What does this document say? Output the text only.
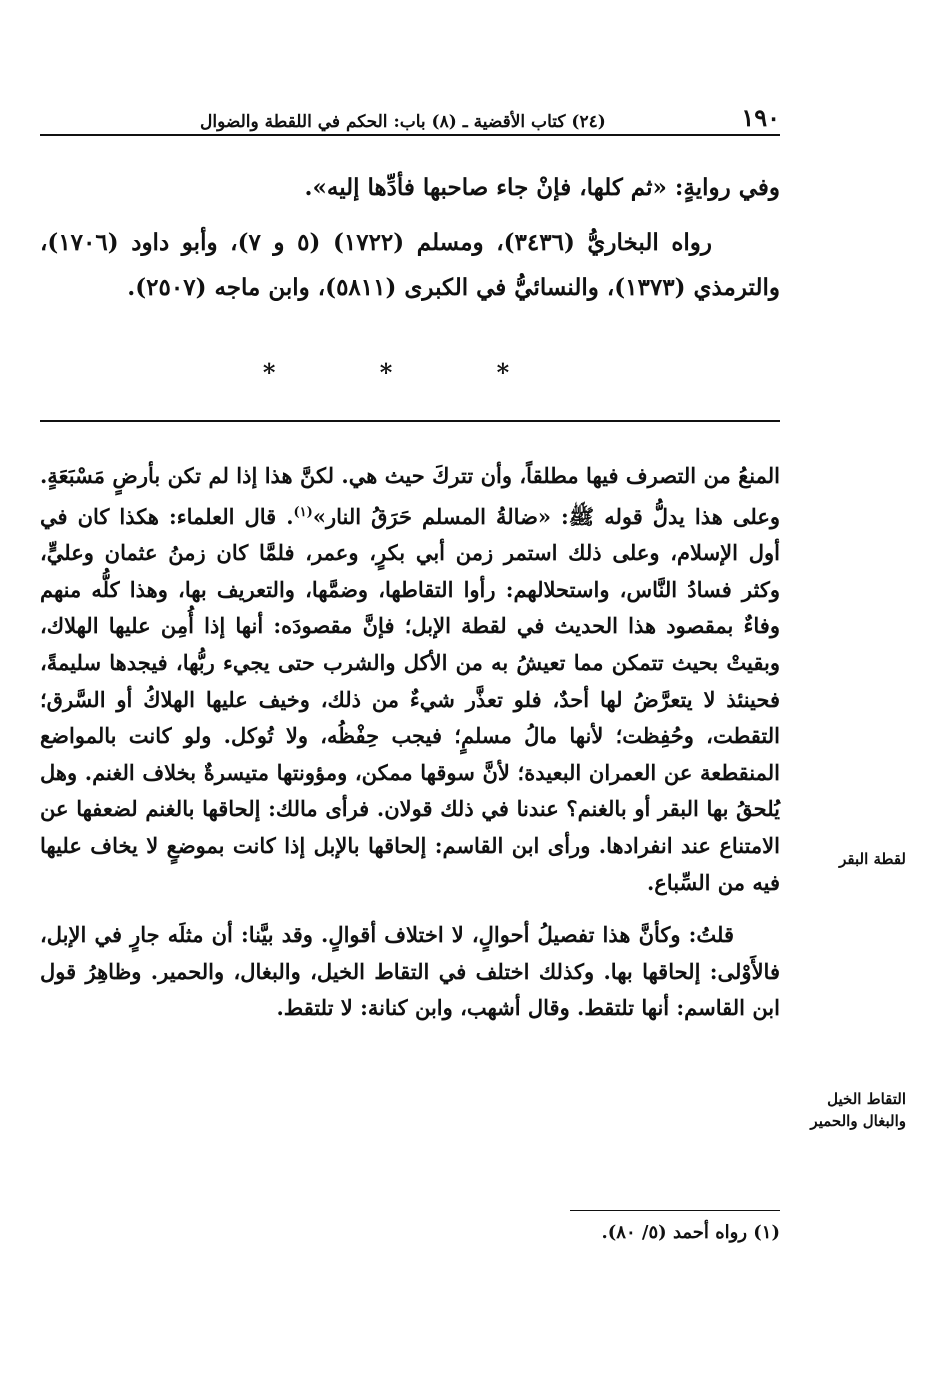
١٩٠
(٢٤) كتاب الأقضية ـ (٨) باب: الحكم في اللقطة والضوال

وفي روايةٍ: «ثم كلها، فإنْ جاء صاحبها فأدِّها إليه».

رواه البخاريُّ (٣٤٣٦)، ومسلم (١٧٢٢) (٥ و ٧)، وأبو داود (١٧٠٦)، والترمذي (١٣٧٣)، والنسائيُّ في الكبرى (٥٨١١)، وابن ماجه (٢٥٠٧).

* * *

المنعُ من التصرف فيها مطلقاً، وأن تتركَ حيث هي. لكنَّ هذا إذا لم تكن بأرضٍ مَسْبَعَةٍ. وعلى هذا يدلُّ قوله ﷺ: «ضالةُ المسلم حَرَقُ النار»$^{(١)}$. قال العلماء: هكذا كان في أول الإسلام، وعلى ذلك استمر زمن أبي بكرٍ، وعمر، فلمَّا كان زمنُ عثمان وعليٍّ، وكثر فسادُ النَّاس، واستحلالهم: رأوا التقاطها، وضمَّها، والتعريف بها، وهذا كلُّه منهم وفاءٌ بمقصود هذا الحديث في لقطة الإبل؛ فإنَّ مقصودَه: أنها إذا أُمِن عليها الهلاك، وبقيتْ بحيث تتمكن مما تعيشُ به من الأكل والشرب حتى يجيء ربُّها، فيجدها سليمةً، فحينئذ لا يتعرَّضُ لها أحدٌ، فلو تعذَّر شيءٌ من ذلك، وخيف عليها الهلاكُ أو السَّرق؛ التقطت، وحُفِظت؛ لأنها مالُ مسلمٍ؛ فيجب حِفْظُه، ولا تُوكل. ولو كانت بالمواضع المنقطعة عن العمران البعيدة؛ لأنَّ سوقها ممكن، ومؤونتها متيسرةٌ بخلاف الغنم. وهل يُلحقُ بها البقر أو بالغنم؟ عندنا في ذلك قولان. فرأى مالك: إلحاقها بالغنم لضعفها عن الامتناع عند انفرادها. ورأى ابن القاسم: إلحاقها بالإبل إذا كانت بموضعٍ لا يخاف عليها فيه من السِّباع.

قلتُ: وكأنَّ هذا تفصيلُ أحوالٍ، لا اختلاف أقوالٍ. وقد بيَّنا: أن مثلَه جارٍ في الإبل، فالأَوْلى: إلحاقها بها. وكذلك اختلف في التقاط الخيل، والبغال، والحمير. وظاهِرُ قول ابن القاسم: أنها تلتقط. وقال أشهب، وابن كنانة: لا تلتقط.

لقطة البقر
التقاط الخيل والبغال والحمير
(١) رواه أحمد (٥/ ٨٠).
